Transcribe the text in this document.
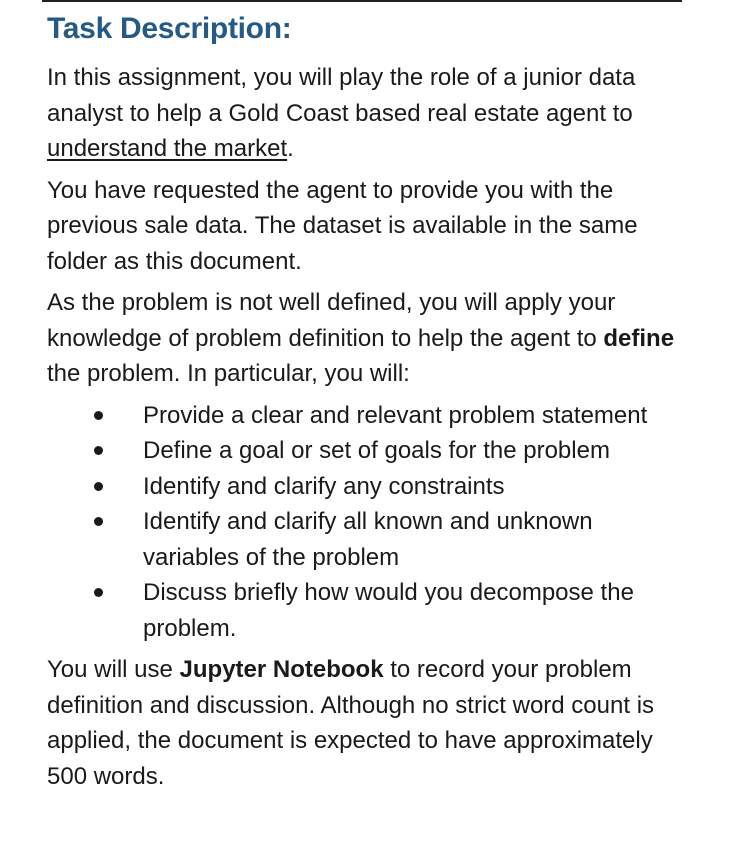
Task Description:

In this assignment, you will play the role of a junior data analyst to help a Gold Coast based real estate agent to understand the market.

You have requested the agent to provide you with the previous sale data. The dataset is available in the same folder as this document.

As the problem is not well defined, you will apply your knowledge of problem definition to help the agent to define the problem. In particular, you will:

Provide a clear and relevant problem statement
Define a goal or set of goals for the problem
Identify and clarify any constraints
Identify and clarify all known and unknown variables of the problem
Discuss briefly how would you decompose the problem.

You will use Jupyter Notebook to record your problem definition and discussion. Although no strict word count is applied, the document is expected to have approximately 500 words.
